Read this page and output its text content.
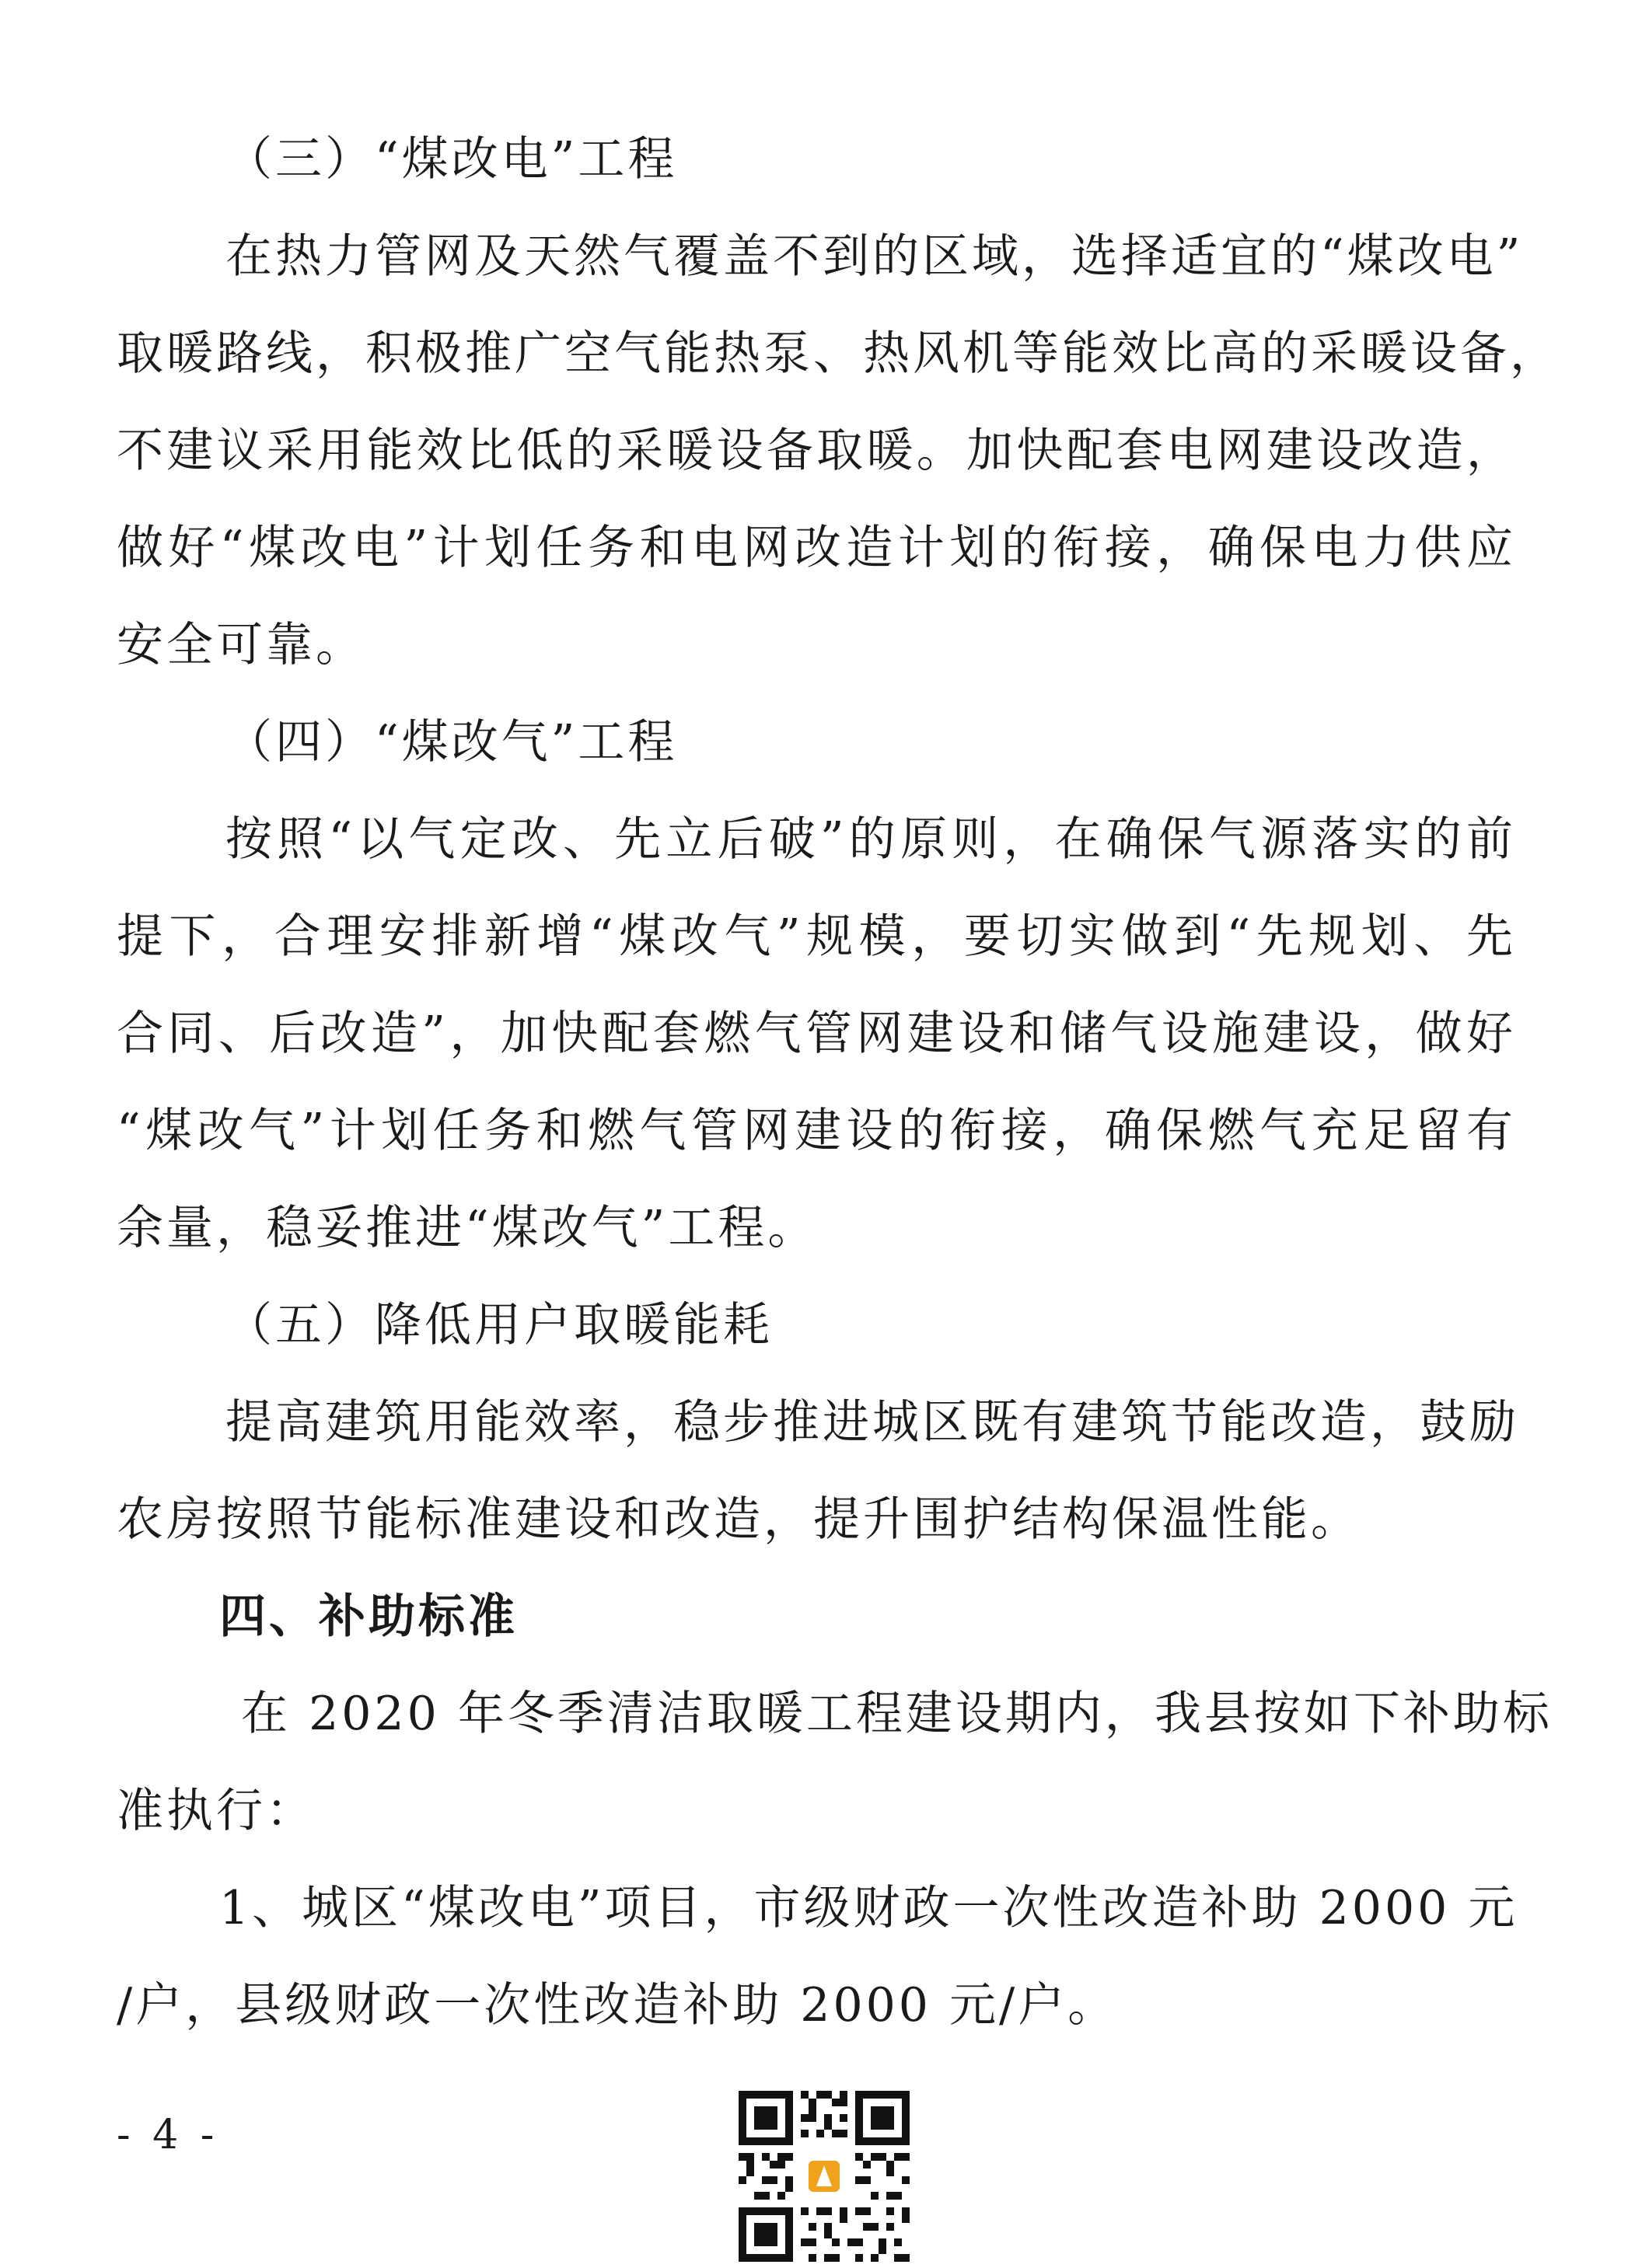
（三）“煤改电”工程
在热力管网及天然气覆盖不到的区域，选择适宜的“煤改电”
取暖路线，积极推广空气能热泵、热风机等能效比高的采暖设备，
不建议采用能效比低的采暖设备取暖。加快配套电网建设改造，
做好“煤改电”计划任务和电网改造计划的衔接，确保电力供应
安全可靠。
（四）“煤改气”工程
按照“以气定改、先立后破”的原则，在确保气源落实的前
提下，合理安排新增“煤改气”规模，要切实做到“先规划、先
合同、后改造”，加快配套燃气管网建设和储气设施建设，做好
“煤改气”计划任务和燃气管网建设的衔接，确保燃气充足留有
余量，稳妥推进“煤改气”工程。
（五）降低用户取暖能耗
提高建筑用能效率，稳步推进城区既有建筑节能改造，鼓励
农房按照节能标准建设和改造，提升围护结构保温性能。
四、补助标准
在 2020 年冬季清洁取暖工程建设期内，我县按如下补助标
准执行：
1、城区“煤改电”项目，市级财政一次性改造补助 2000 元
/户，县级财政一次性改造补助 2000 元/户。
- 4 -
